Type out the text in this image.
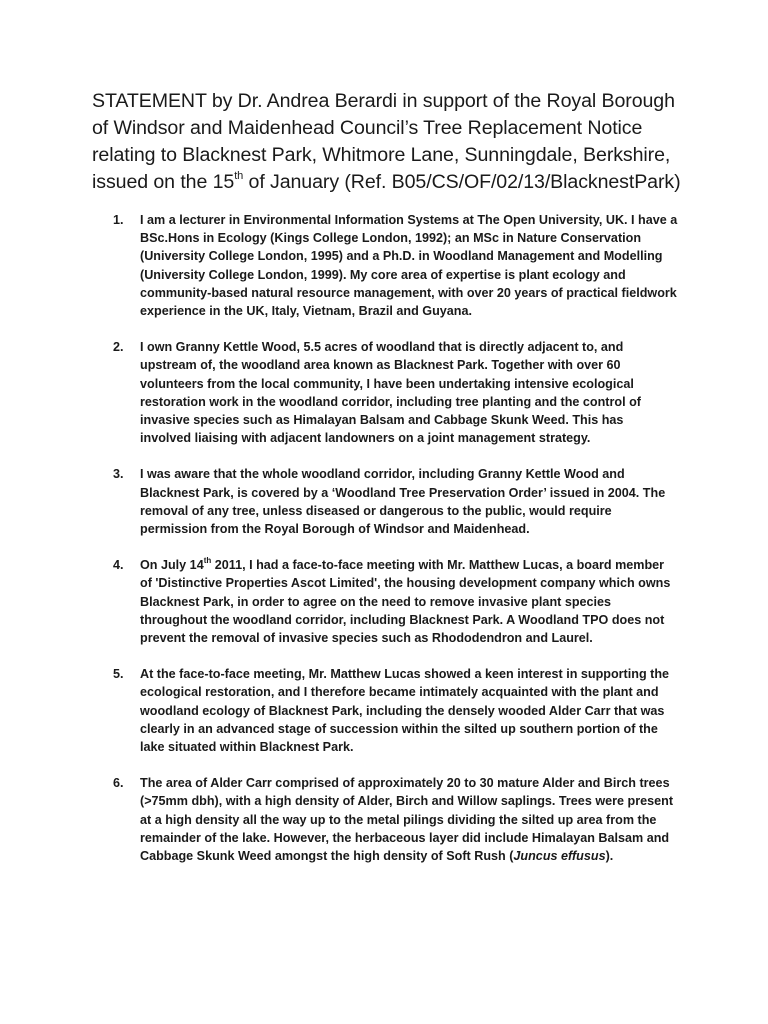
STATEMENT by Dr. Andrea Berardi in support of the Royal Borough of Windsor and Maidenhead Council’s Tree Replacement Notice relating to Blacknest Park, Whitmore Lane, Sunningdale, Berkshire, issued on the 15th of January (Ref. B05/CS/OF/02/13/BlacknestPark)
1. I am a lecturer in Environmental Information Systems at The Open University, UK. I have a BSc.Hons in Ecology (Kings College London, 1992); an MSc in Nature Conservation (University College London, 1995) and a Ph.D. in Woodland Management and Modelling (University College London, 1999). My core area of expertise is plant ecology and community-based natural resource management, with over 20 years of practical fieldwork experience in the UK, Italy, Vietnam, Brazil and Guyana.
2. I own Granny Kettle Wood, 5.5 acres of woodland that is directly adjacent to, and upstream of, the woodland area known as Blacknest Park. Together with over 60 volunteers from the local community, I have been undertaking intensive ecological restoration work in the woodland corridor, including tree planting and the control of invasive species such as Himalayan Balsam and Cabbage Skunk Weed. This has involved liaising with adjacent landowners on a joint management strategy.
3. I was aware that the whole woodland corridor, including Granny Kettle Wood and Blacknest Park, is covered by a ‘Woodland Tree Preservation Order’ issued in 2004. The removal of any tree, unless diseased or dangerous to the public, would require permission from the Royal Borough of Windsor and Maidenhead.
4. On July 14th 2011, I had a face-to-face meeting with Mr. Matthew Lucas, a board member of 'Distinctive Properties Ascot Limited', the housing development company which owns Blacknest Park, in order to agree on the need to remove invasive plant species throughout the woodland corridor, including Blacknest Park. A Woodland TPO does not prevent the removal of invasive species such as Rhododendron and Laurel.
5. At the face-to-face meeting, Mr. Matthew Lucas showed a keen interest in supporting the ecological restoration, and I therefore became intimately acquainted with the plant and woodland ecology of Blacknest Park, including the densely wooded Alder Carr that was clearly in an advanced stage of succession within the silted up southern portion of the lake situated within Blacknest Park.
6. The area of Alder Carr comprised of approximately 20 to 30 mature Alder and Birch trees (>75mm dbh), with a high density of Alder, Birch and Willow saplings. Trees were present at a high density all the way up to the metal pilings dividing the silted up area from the remainder of the lake. However, the herbaceous layer did include Himalayan Balsam and Cabbage Skunk Weed amongst the high density of Soft Rush (Juncus effusus).
